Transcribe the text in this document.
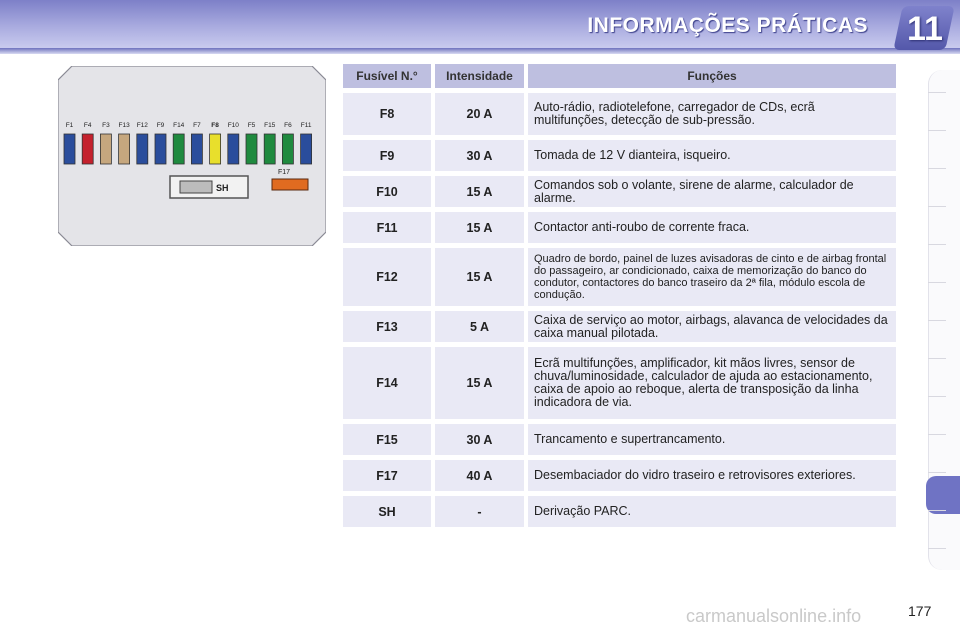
INFORMAÇÕES PRÁTICAS 11
F1 F4 F3 F13 F12 F9 F14 F7 F8 F10 F5 F15 F6 F11
SH
F17
Fusível N.°	Intensidade	Funções
F8	20 A	Auto-rádio, radiotelefone, carregador de CDs, ecrã multifunções, detecção de sub-pressão.
F9	30 A	Tomada de 12 V dianteira, isqueiro.
F10	15 A	Comandos sob o volante, sirene de alarme, calculador de alarme.
F11	15 A	Contactor anti-roubo de corrente fraca.
F12	15 A	Quadro de bordo, painel de luzes avisadoras de cinto e de airbag frontal do passageiro, ar condicionado, caixa de memorização do banco do condutor, contactores do banco traseiro da 2ª fila, módulo escola de condução.
F13	5 A	Caixa de serviço ao motor, airbags, alavanca de velocidades da caixa manual pilotada.
F14	15 A	Ecrã multifunções, amplificador, kit mãos livres, sensor de chuva/luminosidade, calculador de ajuda ao estacionamento, caixa de apoio ao reboque, alerta de transposição da linha indicadora de via.
F15	30 A	Trancamento e supertrancamento.
F17	40 A	Desembaciador do vidro traseiro e retrovisores exteriores.
SH	-	Derivação PARC.
carmanualsonline.info	177
